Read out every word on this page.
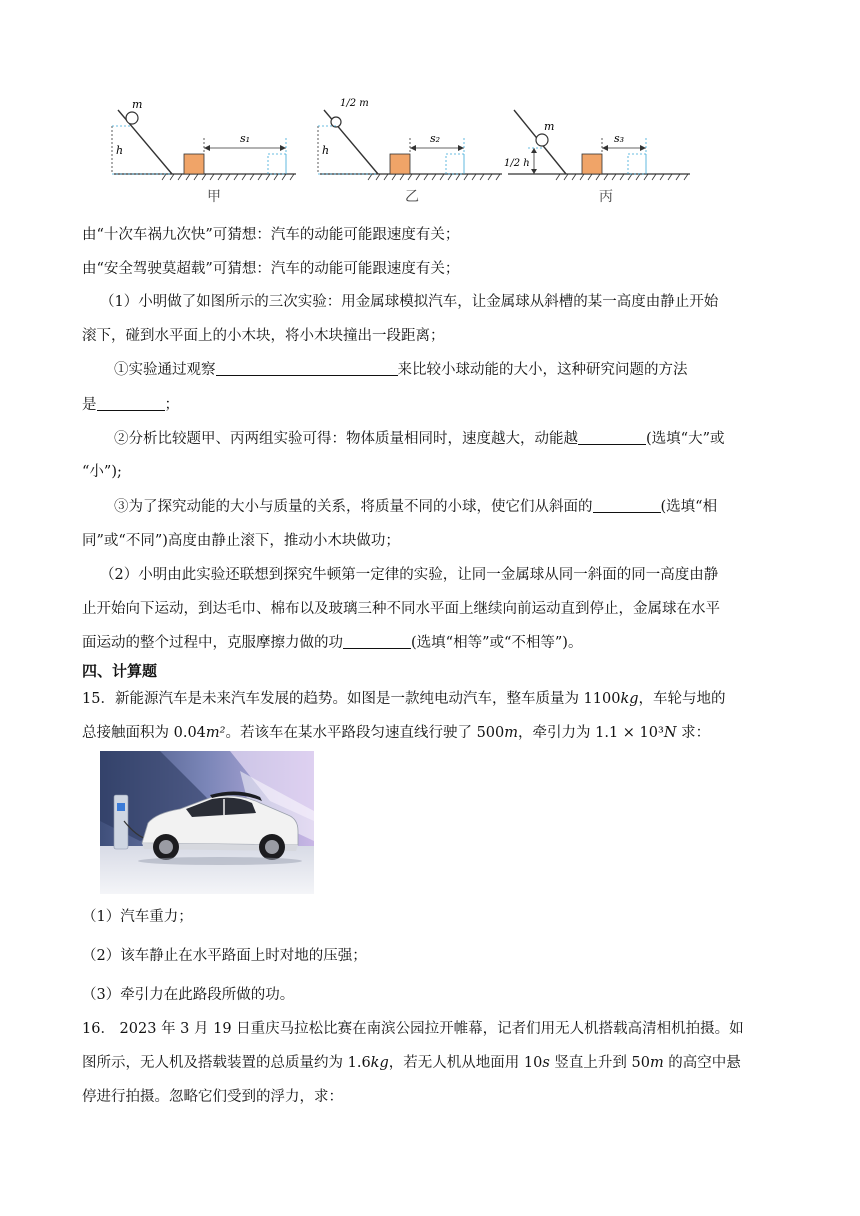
m
h
s₁
1/2 m
h
s₂
m
1/2 h
s₃
甲	乙	丙
由“十次车祸九次快”可猜想：汽车的动能可能跟速度有关；
由“安全驾驶莫超载”可猜想：汽车的动能可能跟速度有关；
（1）小明做了如图所示的三次实验：用金属球模拟汽车，让金属球从斜槽的某一高度由静止开始
滚下，碰到水平面上的小木块，将小木块撞出一段距离；
①实验通过观察	来比较小球动能的大小，这种研究问题的方法
是	；
②分析比较题甲、丙两组实验可得：物体质量相同时，速度越大，动能越	(选填“大”或
“小”);
③为了探究动能的大小与质量的关系，将质量不同的小球，使它们从斜面的	(选填“相
同”或“不同”)高度由静止滚下，推动小木块做功；
（2）小明由此实验还联想到探究牛顿第一定律的实验，让同一金属球从同一斜面的同一高度由静
止开始向下运动，到达毛巾、棉布以及玻璃三种不同水平面上继续向前运动直到停止，金属球在水平
面运动的整个过程中，克服摩擦力做的功	(选填“相等”或“不相等”)。
四、计算题
15．新能源汽车是未来汽车发展的趋势。如图是一款纯电动汽车，整车质量为 1100kg，车轮与地的
总接触面积为 0.04m²。若该车在某水平路段匀速直线行驶了 500m，牵引力为 1.1 × 10³N 求：
（1）汽车重力；
（2）该车静止在水平路面上时对地的压强；
（3）牵引力在此路段所做的功。
16． 2023 年 3 月 19 日重庆马拉松比赛在南滨公园拉开帷幕，记者们用无人机搭载高清相机拍摄。如
图所示，无人机及搭载装置的总质量约为 1.6kg，若无人机从地面用 10s 竖直上升到 50m 的高空中悬
停进行拍摄。忽略它们受到的浮力，求：
